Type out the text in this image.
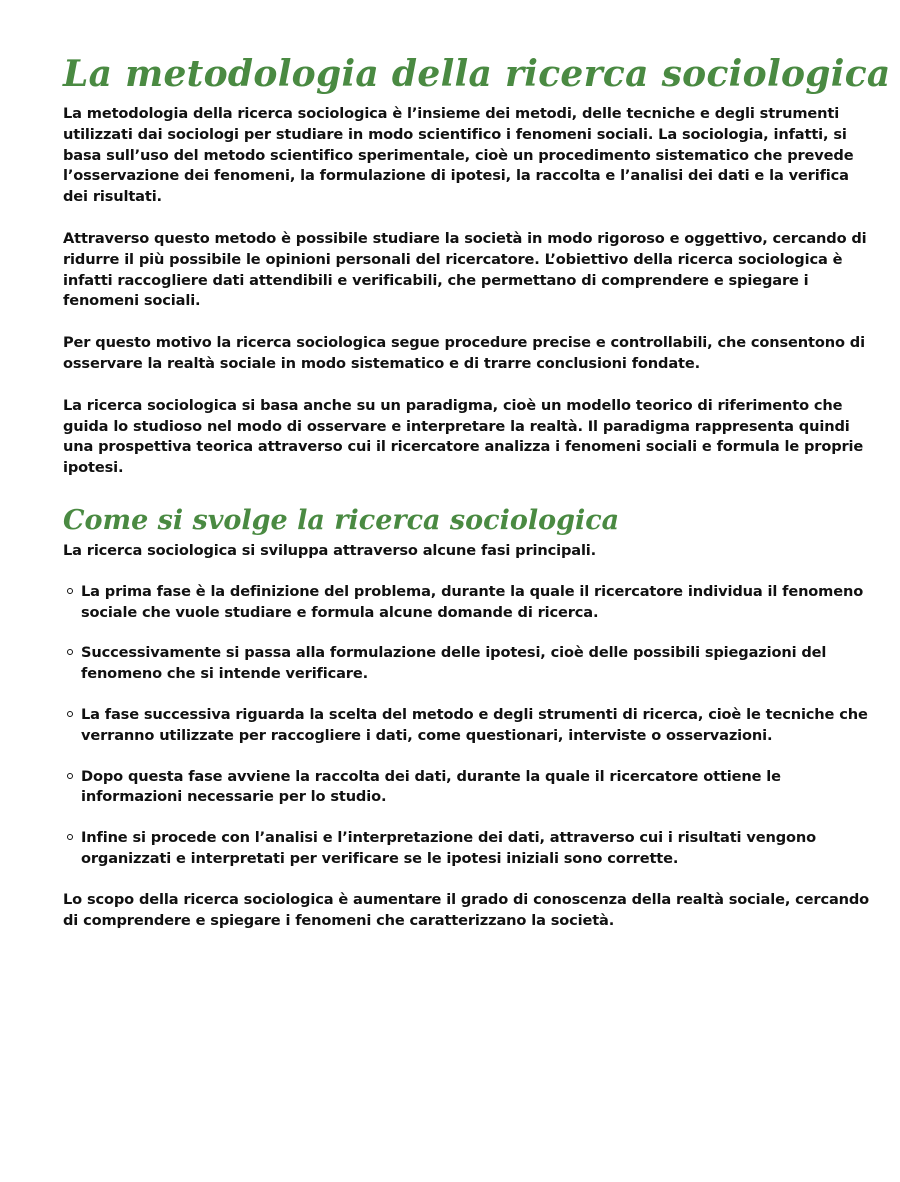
La metodologia della ricerca sociologica

La metodologia della ricerca sociologica è l’insieme dei metodi, delle tecniche e degli strumenti utilizzati dai sociologi per studiare in modo scientifico i fenomeni sociali. La sociologia, infatti, si basa sull’uso del metodo scientifico sperimentale, cioè un procedimento sistematico che prevede l’osservazione dei fenomeni, la formulazione di ipotesi, la raccolta e l’analisi dei dati e la verifica dei risultati.

Attraverso questo metodo è possibile studiare la società in modo rigoroso e oggettivo, cercando di ridurre il più possibile le opinioni personali del ricercatore. L’obiettivo della ricerca sociologica è infatti raccogliere dati attendibili e verificabili, che permettano di comprendere e spiegare i fenomeni sociali.

Per questo motivo la ricerca sociologica segue procedure precise e controllabili, che consentono di osservare la realtà sociale in modo sistematico e di trarre conclusioni fondate.

La ricerca sociologica si basa anche su un paradigma, cioè un modello teorico di riferimento che guida lo studioso nel modo di osservare e interpretare la realtà. Il paradigma rappresenta quindi una prospettiva teorica attraverso cui il ricercatore analizza i fenomeni sociali e formula le proprie ipotesi.

Come si svolge la ricerca sociologica

La ricerca sociologica si sviluppa attraverso alcune fasi principali.

La prima fase è la definizione del problema, durante la quale il ricercatore individua il fenomeno sociale che vuole studiare e formula alcune domande di ricerca.
Successivamente si passa alla formulazione delle ipotesi, cioè delle possibili spiegazioni del fenomeno che si intende verificare.
La fase successiva riguarda la scelta del metodo e degli strumenti di ricerca, cioè le tecniche che verranno utilizzate per raccogliere i dati, come questionari, interviste o osservazioni.
Dopo questa fase avviene la raccolta dei dati, durante la quale il ricercatore ottiene le informazioni necessarie per lo studio.
Infine si procede con l’analisi e l’interpretazione dei dati, attraverso cui i risultati vengono organizzati e interpretati per verificare se le ipotesi iniziali sono corrette.

Lo scopo della ricerca sociologica è aumentare il grado di conoscenza della realtà sociale, cercando di comprendere e spiegare i fenomeni che caratterizzano la società.
